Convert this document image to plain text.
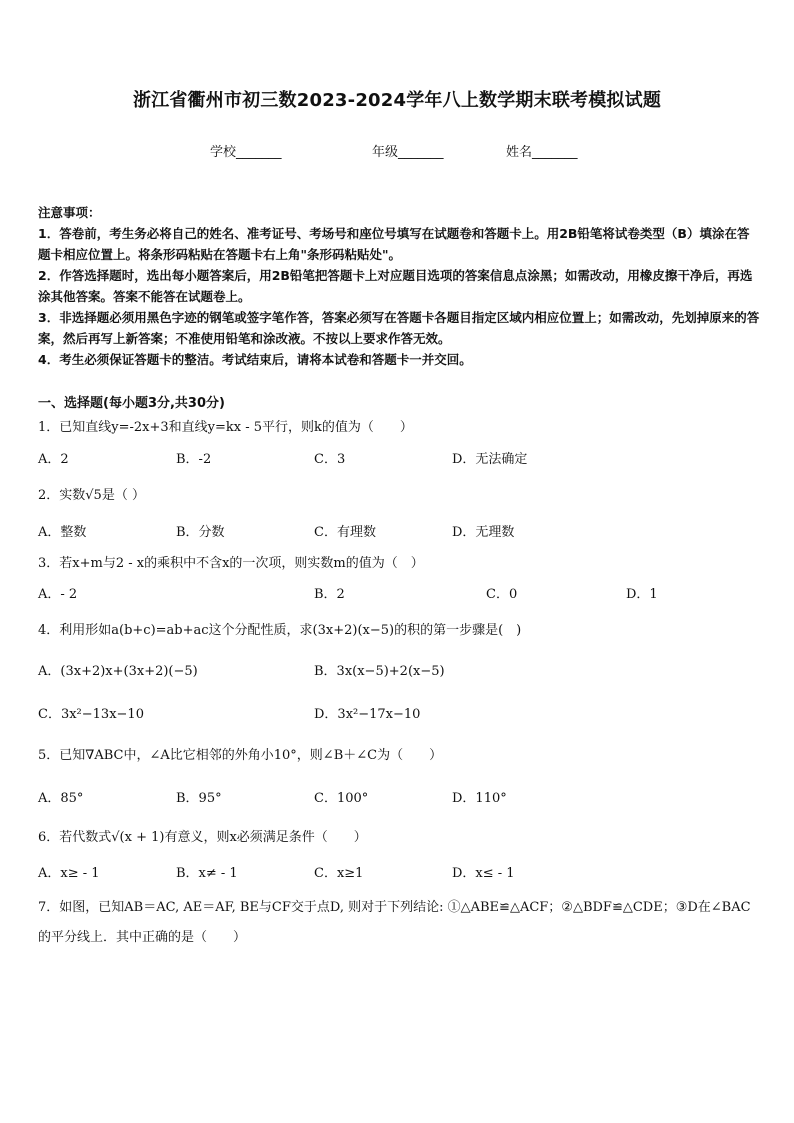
浙江省衢州市初三数2023-2024学年八上数学期末联考模拟试题
学校_______	年级_______	姓名_______

注意事项：

1．答卷前，考生务必将自己的姓名、准考证号、考场号和座位号填写在试题卷和答题卡上。用2B铅笔将试卷类型（B）填涂在答题卡相应位置上。将条形码粘贴在答题卡右上角"条形码粘贴处"。

2．作答选择题时，选出每小题答案后，用2B铅笔把答题卡上对应题目选项的答案信息点涂黑；如需改动，用橡皮擦干净后，再选涂其他答案。答案不能答在试题卷上。

3．非选择题必须用黑色字迹的钢笔或签字笔作答，答案必须写在答题卡各题目指定区域内相应位置上；如需改动，先划掉原来的答案，然后再写上新答案；不准使用铅笔和涂改液。不按以上要求作答无效。

4．考生必须保证答题卡的整洁。考试结束后，请将本试卷和答题卡一并交回。

一、选择题(每小题3分,共30分)
1．已知直线y=-2x+3和直线y=kx - 5平行，则k的值为（　　）
A．2	B．-2	C．3	D．无法确定
2．实数√5是（ ）
A．整数	B．分数	C．有理数	D．无理数
3．若x+m与2 - x的乘积中不含x的一次项，则实数m的值为（　）
A．- 2	B．2	C．0	D．1
4．利用形如a(b+c)=ab+ac这个分配性质，求(3x+2)(x−5)的积的第一步骤是(　)
A．(3x+2)x+(3x+2)(−5)	B．3x(x−5)+2(x−5)
C．3x²−13x−10	D．3x²−17x−10
5．已知∇ABC中，∠A比它相邻的外角小10°，则∠B＋∠C为（　　）
A．85°	B．95°	C．100°	D．110°
6．若代数式√(x + 1)有意义，则x必须满足条件（　　）
A．x≥ - 1	B．x≠ - 1	C．x≥1	D．x≤ - 1
7．如图，已知AB＝AC, AE＝AF, BE与CF交于点D, 则对于下列结论: ①△ABE≌△ACF；②△BDF≌△CDE；③D在∠BAC的平分线上．其中正确的是（　　）
